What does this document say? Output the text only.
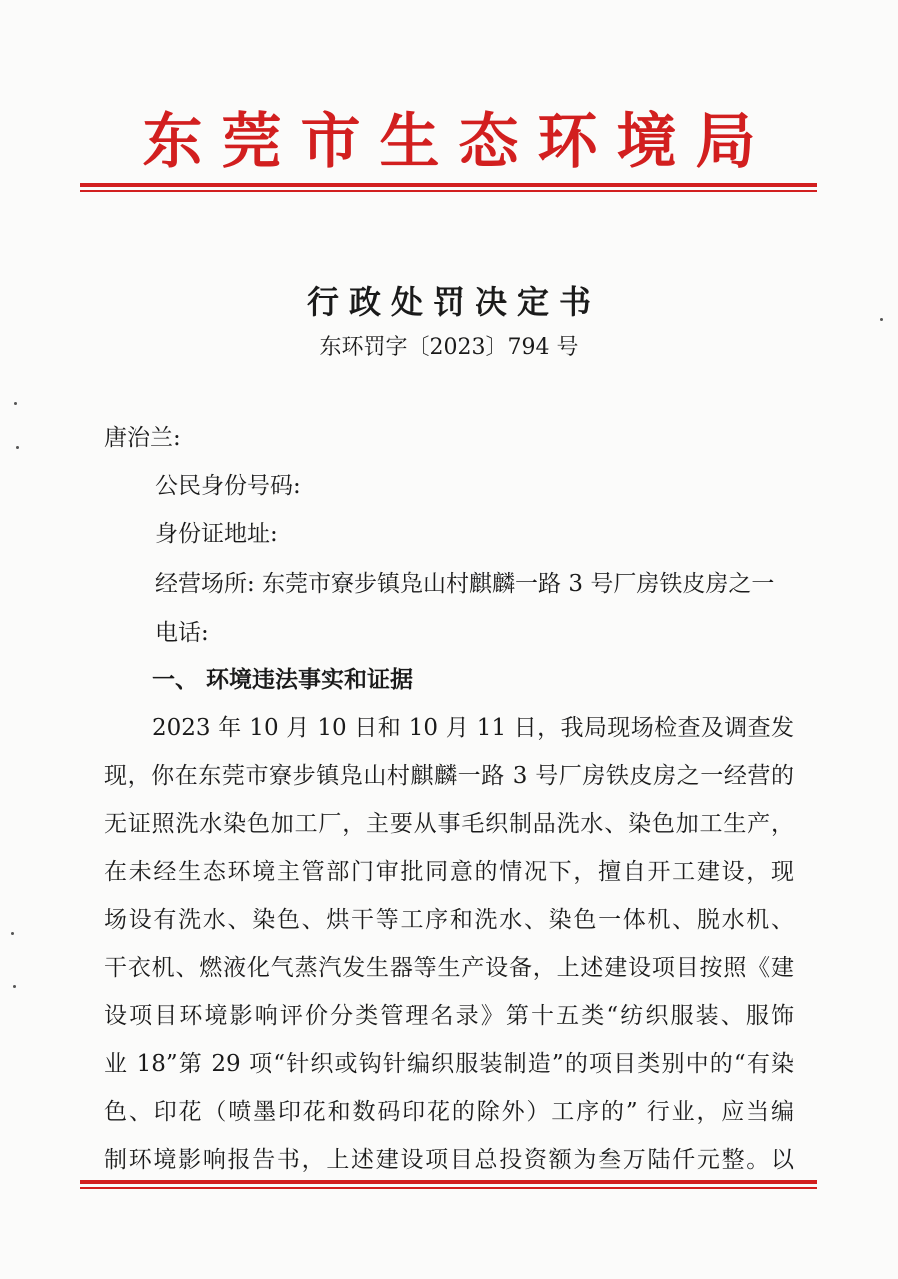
东莞市生态环境局
行政处罚决定书
东环罚字〔2023〕794 号
唐治兰:
公民身份号码:
身份证地址:
经营场所: 东莞市寮步镇凫山村麒麟一路 3 号厂房铁皮房之一
电话:
一、 环境违法事实和证据
2023 年 10 月 10 日和 10 月 11 日，我局现场检查及调查发
现，你在东莞市寮步镇凫山村麒麟一路 3 号厂房铁皮房之一经营的
无证照洗水染色加工厂，主要从事毛织制品洗水、染色加工生产，
在未经生态环境主管部门审批同意的情况下，擅自开工建设，现
场设有洗水、染色、烘干等工序和洗水、染色一体机、脱水机、
干衣机、燃液化气蒸汽发生器等生产设备，上述建设项目按照《建
设项目环境影响评价分类管理名录》第十五类“纺织服装、服饰
业 18”第 29 项“针织或钩针编织服装制造”的项目类别中的“有染
色、印花（喷墨印花和数码印花的除外）工序的” 行业，应当编
制环境影响报告书，上述建设项目总投资额为叁万陆仟元整。以
